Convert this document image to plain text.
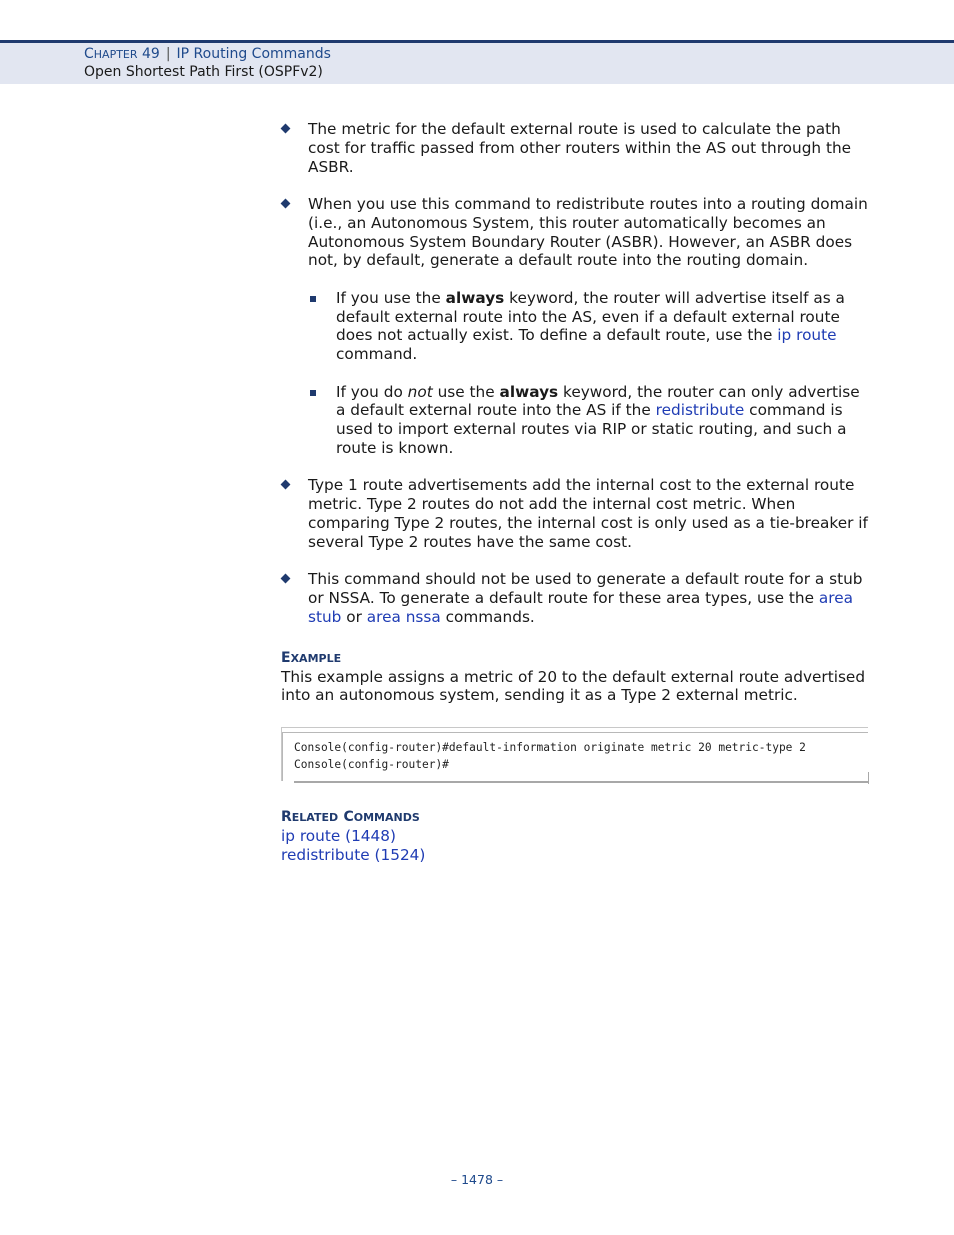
CHAPTER 49 | IP Routing Commands
Open Shortest Path First (OSPFv2)
The metric for the default external route is used to calculate the path cost for traffic passed from other routers within the AS out through the ASBR.
When you use this command to redistribute routes into a routing domain (i.e., an Autonomous System, this router automatically becomes an Autonomous System Boundary Router (ASBR). However, an ASBR does not, by default, generate a default route into the routing domain.
If you use the always keyword, the router will advertise itself as a default external route into the AS, even if a default external route does not actually exist. To define a default route, use the ip route command.
If you do not use the always keyword, the router can only advertise a default external route into the AS if the redistribute command is used to import external routes via RIP or static routing, and such a route is known.
Type 1 route advertisements add the internal cost to the external route metric. Type 2 routes do not add the internal cost metric. When comparing Type 2 routes, the internal cost is only used as a tie-breaker if several Type 2 routes have the same cost.
This command should not be used to generate a default route for a stub or NSSA. To generate a default route for these area types, use the area stub or area nssa commands.
EXAMPLE
This example assigns a metric of 20 to the default external route advertised into an autonomous system, sending it as a Type 2 external metric.
Console(config-router)#default-information originate metric 20 metric-type 2
Console(config-router)#
RELATED COMMANDS
ip route (1448)
redistribute (1524)
– 1478 –
